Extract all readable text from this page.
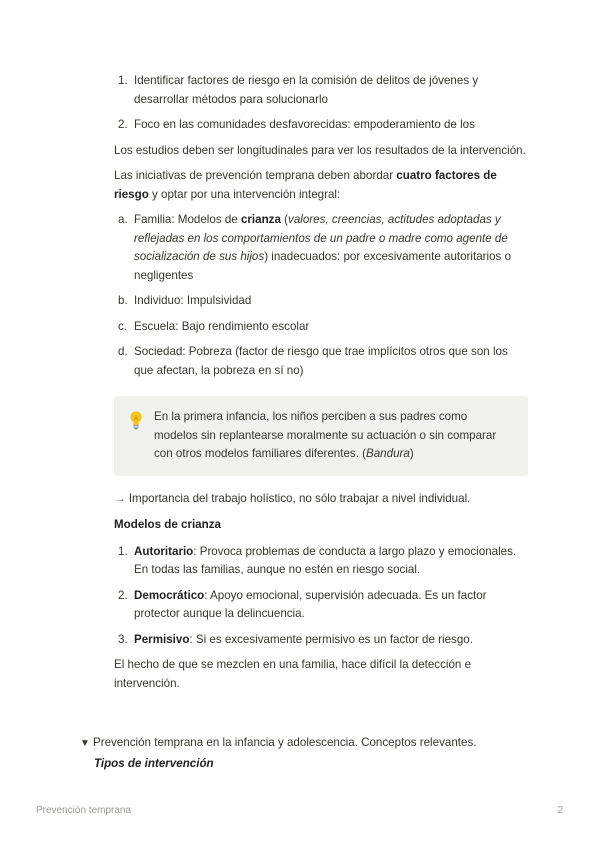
1. Identificar factores de riesgo en la comisión de delitos de jóvenes y desarrollar métodos para solucionarlo
2. Foco en las comunidades desfavorecidas: empoderamiento de los

Los estudios deben ser longitudinales para ver los resultados de la intervención.

Las iniciativas de prevención temprana deben abordar cuatro factores de riesgo y optar por una intervención integral:

a. Familia: Modelos de crianza (valores, creencias, actitudes adoptadas y reflejadas en los comportamientos de un padre o madre como agente de socialización de sus hijos) inadecuados: por excesivamente autoritarios o negligentes
b. Individuo: Impulsividad
c. Escuela: Bajo rendimiento escolar
d. Sociedad: Pobreza (factor de riesgo que trae implícitos otros que son los que afectan, la pobreza en sí no)
En la primera infancia, los niños perciben a sus padres como modelos sin replantearse moralmente su actuación o sin comparar con otros modelos familiares diferentes. (Bandura)

→ Importancia del trabajo holístico, no sólo trabajar a nivel individual.

Modelos de crianza
1. Autoritario: Provoca problemas de conducta a largo plazo y emocionales. En todas las familias, aunque no estén en riesgo social.
2. Democrático: Apoyo emocional, supervisión adecuada. Es un factor protector aunque la delincuencia.
3. Permisivo: Si es excesivamente permisivo es un factor de riesgo.

El hecho de que se mezclen en una familia, hace difícil la detección e intervención.

▼ Prevención temprana en la infancia y adolescencia. Conceptos relevantes.
Tipos de intervención
Prevención temprana	2
